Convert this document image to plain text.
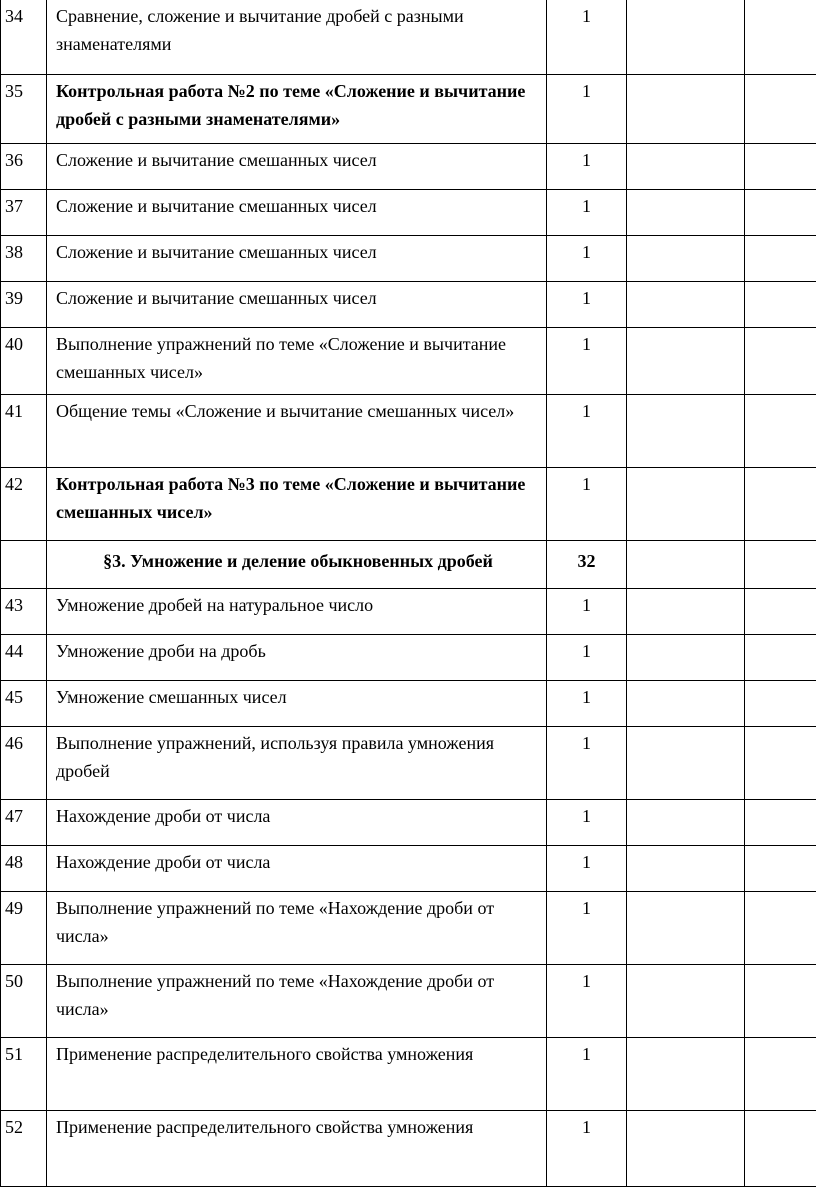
34	Сравнение, сложение и вычитание дробей с разными знаменателями	1		
35	Контрольная работа №2 по теме «Сложение и вычитание дробей с разными знаменателями»	1		
36	Сложение и вычитание смешанных чисел	1		
37	Сложение и вычитание смешанных чисел	1		
38	Сложение и вычитание смешанных чисел	1		
39	Сложение и вычитание смешанных чисел	1		
40	Выполнение упражнений по теме «Сложение и вычитание смешанных чисел»	1		
41	Общение темы «Сложение и вычитание смешанных чисел»	1		
42	Контрольная работа №3 по теме «Сложение и вычитание смешанных чисел»	1		
	§3. Умножение и деление обыкновенных дробей	32		
43	Умножение дробей на натуральное число	1		
44	Умножение дроби на дробь	1		
45	Умножение смешанных чисел	1		
46	Выполнение упражнений, используя правила умножения дробей	1		
47	Нахождение дроби от числа	1		
48	Нахождение дроби от числа	1		
49	Выполнение упражнений по теме «Нахождение дроби от числа»	1		
50	Выполнение упражнений по теме «Нахождение дроби от числа»	1		
51	Применение распределительного свойства умножения	1		
52	Применение распределительного свойства умножения	1		
